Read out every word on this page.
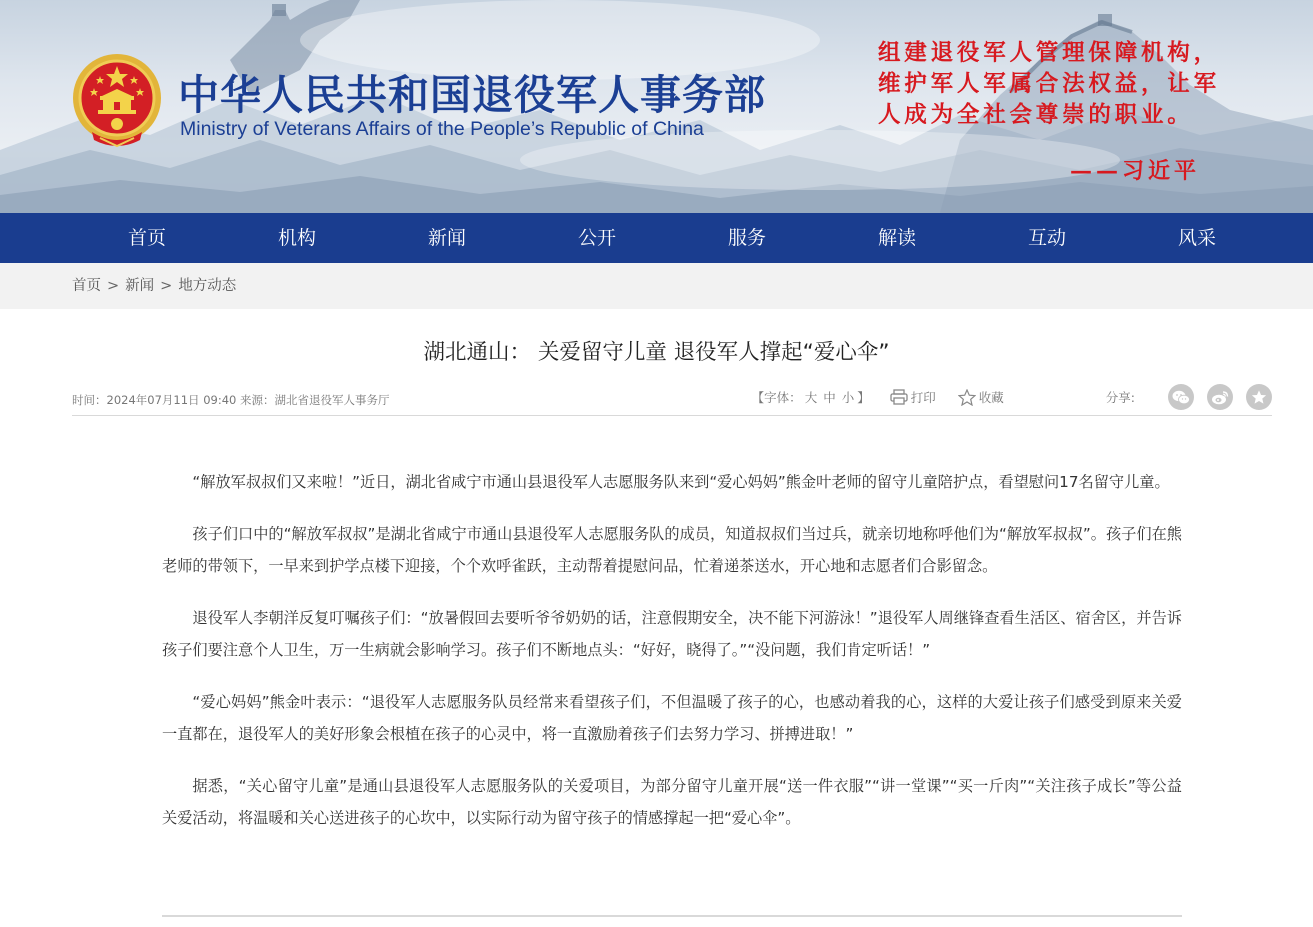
中华人民共和国退役军人事务部
Ministry of Veterans Affairs of the People’s Republic of China
组建退役军人管理保障机构，维护军人军属合法权益，让军人成为全社会尊崇的职业。
——习近平
首页	机构	新闻	公开	服务	解读	互动	风采
首页 > 新闻 > 地方动态
湖北通山： 关爱留守儿童 退役军人撑起“爱心伞”
时间：2024年07月11日 09:40 来源：湖北省退役军人事务厅	【字体： 大 中 小 】	打印	收藏	分享:

“解放军叔叔们又来啦！”近日，湖北省咸宁市通山县退役军人志愿服务队来到“爱心妈妈”熊金叶老师的留守儿童陪护点，看望慰问17名留守儿童。

孩子们口中的“解放军叔叔”是湖北省咸宁市通山县退役军人志愿服务队的成员，知道叔叔们当过兵，就亲切地称呼他们为“解放军叔叔”。孩子们在熊老师的带领下，一早来到护学点楼下迎接，个个欢呼雀跃，主动帮着提慰问品，忙着递茶送水，开心地和志愿者们合影留念。

退役军人李朝洋反复叮嘱孩子们：“放暑假回去要听爷爷奶奶的话，注意假期安全，决不能下河游泳！”退役军人周继锋查看生活区、宿舍区，并告诉孩子们要注意个人卫生，万一生病就会影响学习。孩子们不断地点头：“好好，晓得了。”“没问题，我们肯定听话！”

“爱心妈妈”熊金叶表示：“退役军人志愿服务队员经常来看望孩子们，不但温暖了孩子的心，也感动着我的心，这样的大爱让孩子们感受到原来关爱一直都在，退役军人的美好形象会根植在孩子的心灵中，将一直激励着孩子们去努力学习、拼搏进取！”

据悉，“关心留守儿童”是通山县退役军人志愿服务队的关爱项目，为部分留守儿童开展“送一件衣服”“讲一堂课”“买一斤肉”“关注孩子成长”等公益关爱活动，将温暖和关心送进孩子的心坎中，以实际行动为留守孩子的情感撑起一把“爱心伞”。
